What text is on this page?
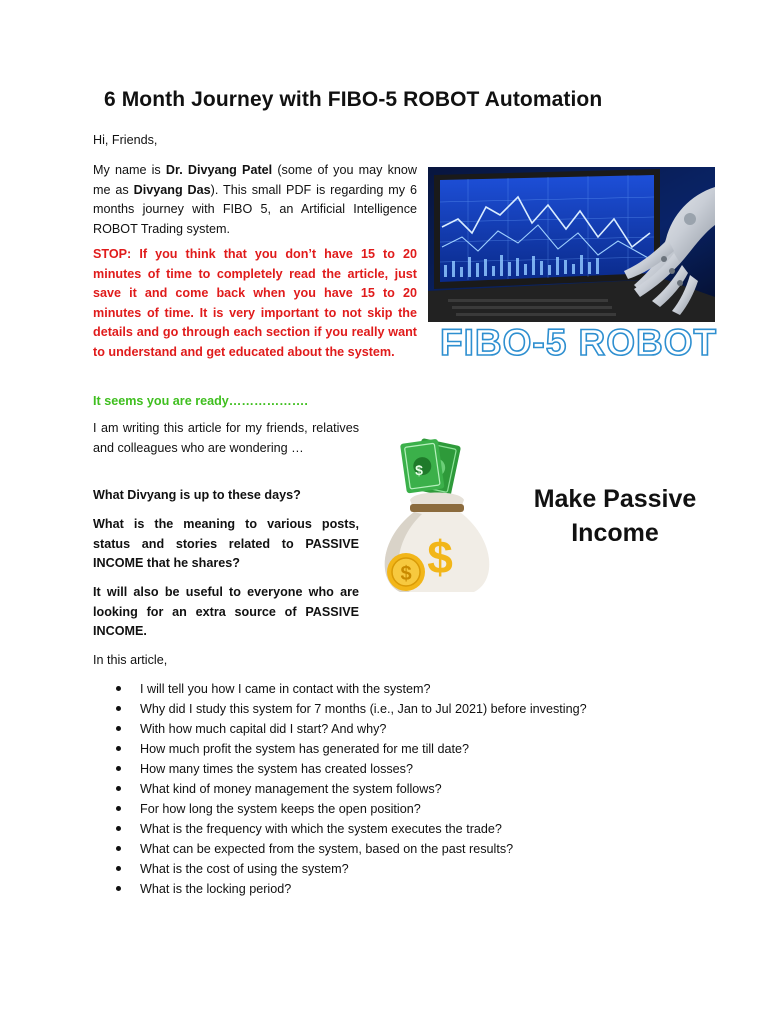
6 Month Journey with FIBO-5 ROBOT Automation
Hi, Friends,
My name is Dr. Divyang Patel (some of you may know me as Divyang Das). This small PDF is regarding my 6 months journey with FIBO 5, an Artificial Intelligence ROBOT Trading system.
STOP: If you think that you don’t have 15 to 20 minutes of time to completely read the article, just save it and come back when you have 15 to 20 minutes of time. It is very important to not skip the details and go through each section if you really want to understand and get educated about the system.
It seems you are ready……………….
I am writing this article for my friends, relatives and colleagues who are wondering …
What Divyang is up to these days?
What is the meaning to various posts, status and stories related to PASSIVE INCOME that he shares?
It will also be useful to everyone who are looking for an extra source of PASSIVE INCOME.
In this article,
I will tell you how I came in contact with the system?
Why did I study this system for 7 months (i.e., Jan to Jul 2021) before investing?
With how much capital did I start? And why?
How much profit the system has generated for me till date?
How many times the system has created losses?
What kind of money management the system follows?
For how long the system keeps the open position?
What is the frequency with which the system executes the trade?
What can be expected from the system, based on the past results?
What is the cost of using the system?
What is the locking period?
FIBO-5 ROBOT
$
$
$
Make Passive
Income
